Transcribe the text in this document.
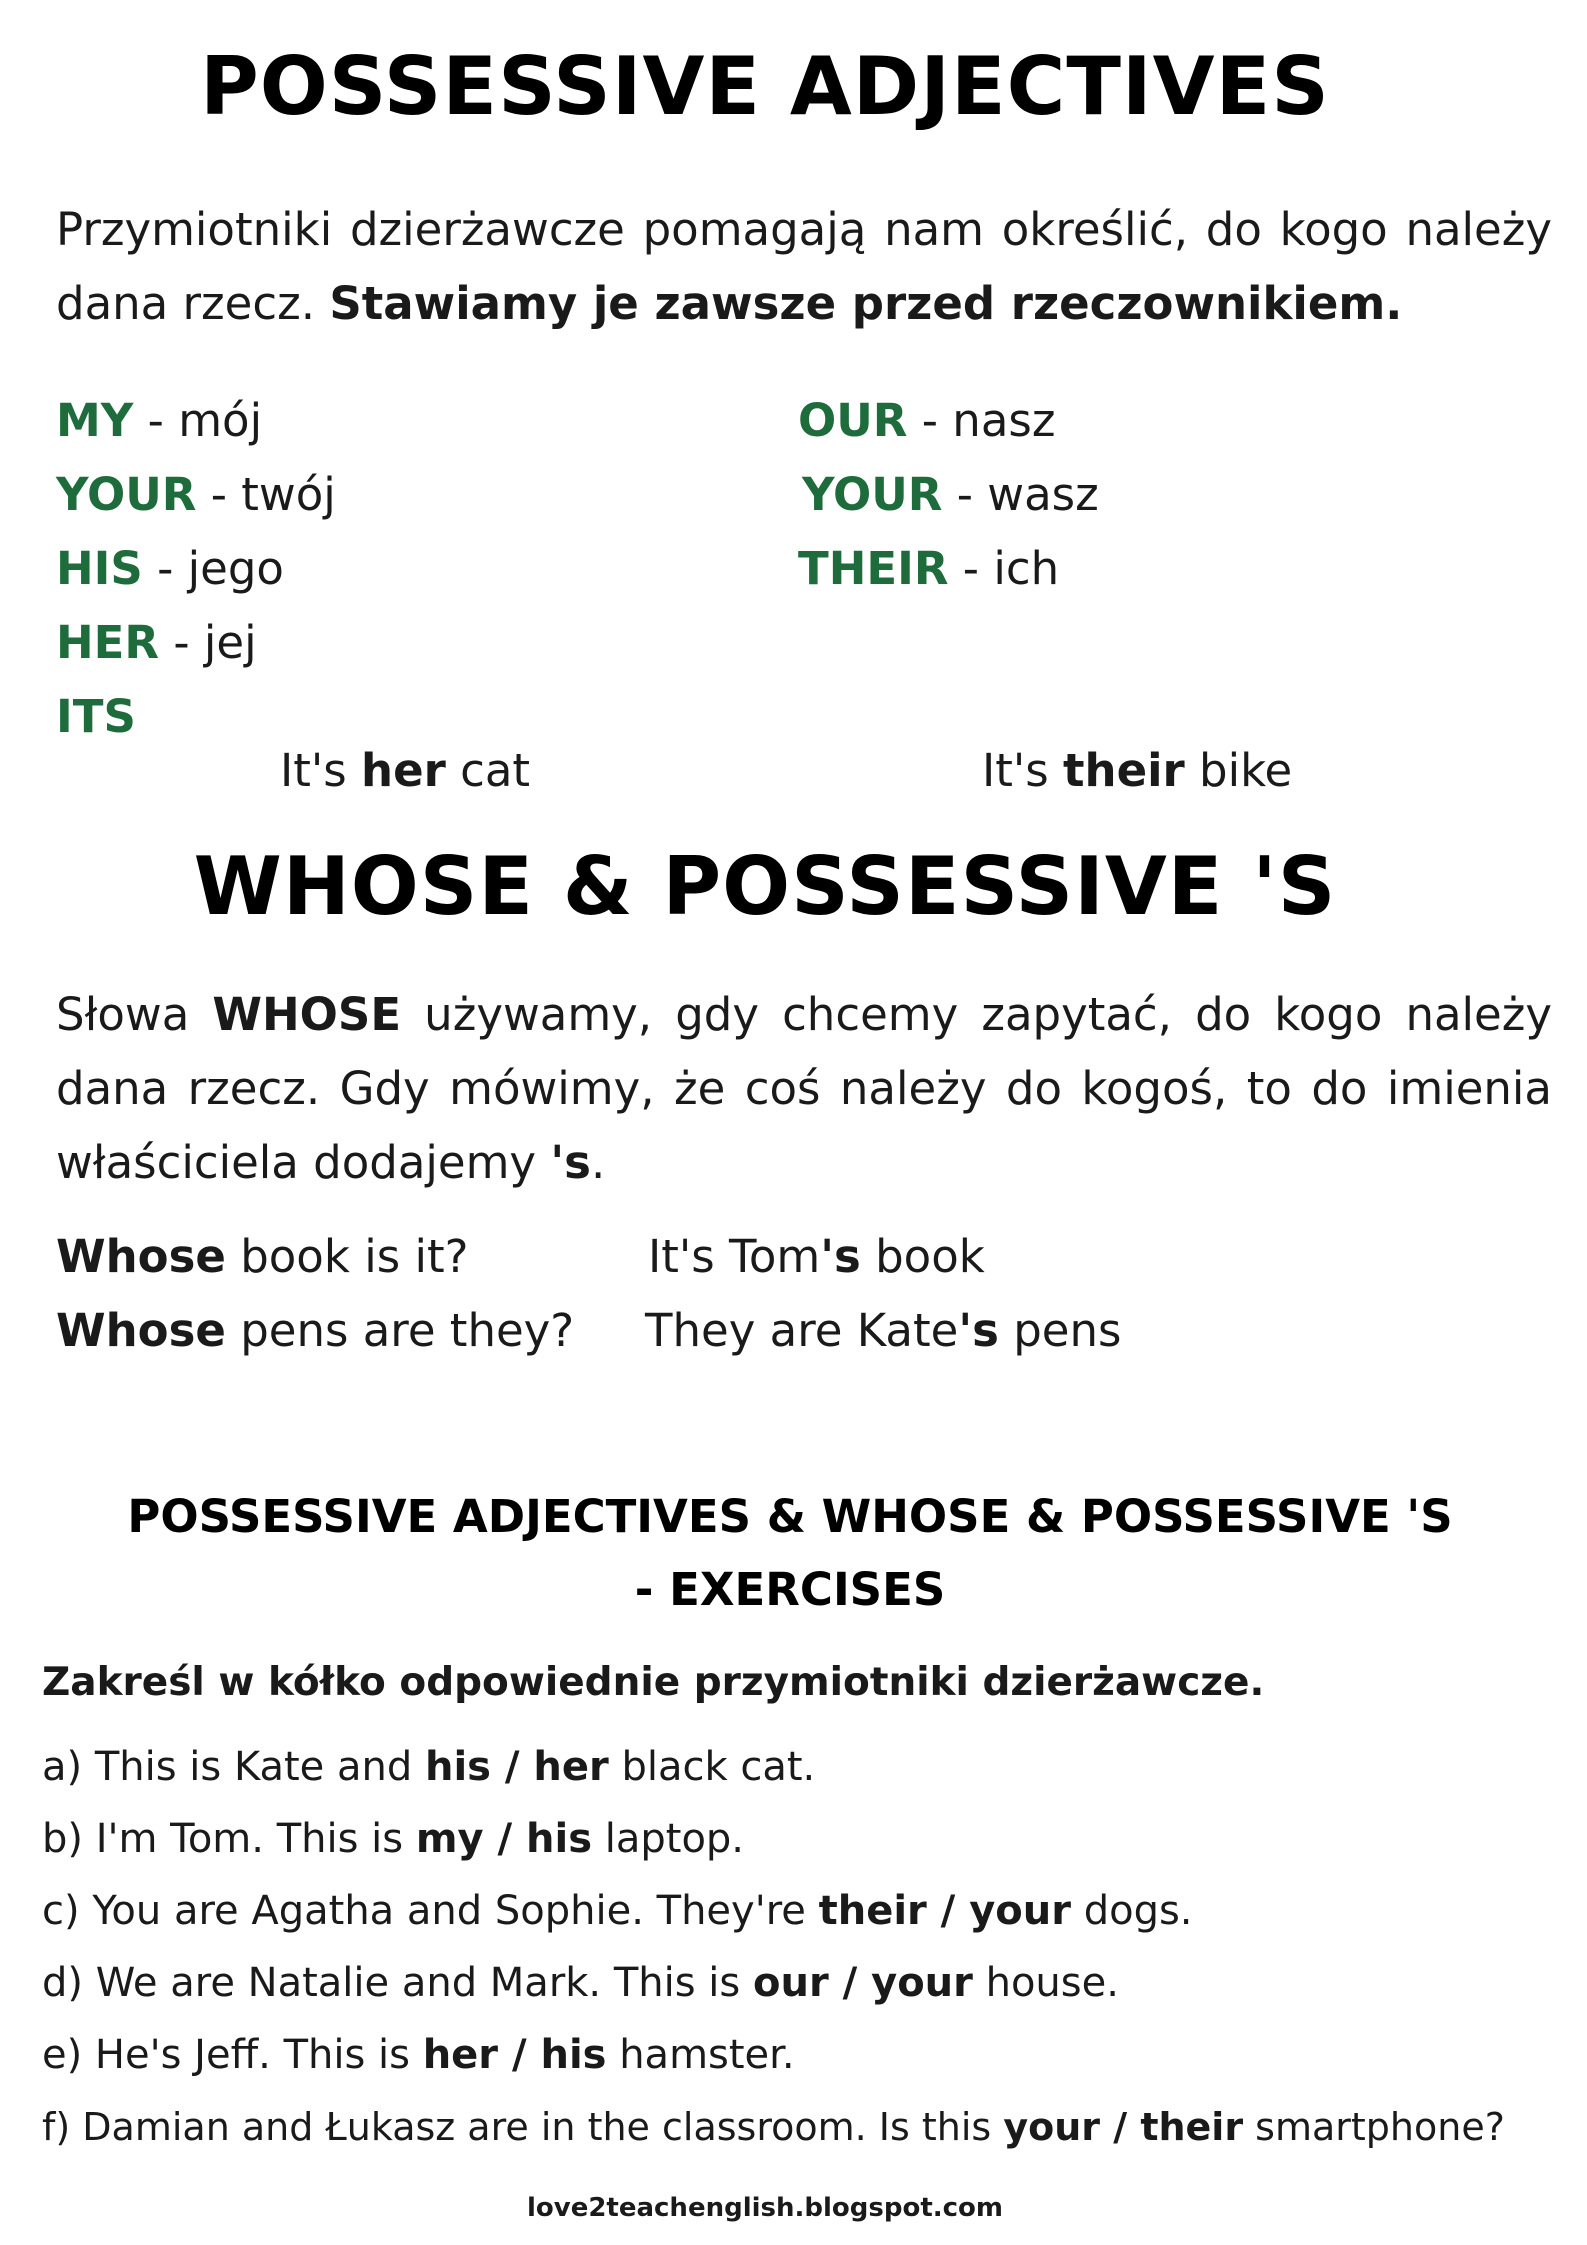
POSSESSIVE ADJECTIVES
Przymiotniki dzierżawcze pomagają nam określić, do kogo należy dana rzecz. Stawiamy je zawsze przed rzeczownikiem.
MY - mój
YOUR - twój
HIS - jego
HER - jej
ITS
OUR - nasz
YOUR - wasz
THEIR - ich
It's her cat	It's their bike
WHOSE & POSSESSIVE 'S
Słowa WHOSE używamy, gdy chcemy zapytać, do kogo należy dana rzecz. Gdy mówimy, że coś należy do kogoś, to do imienia właściciela dodajemy 's.
Whose book is it?	It's Tom's book
Whose pens are they? They are Kate's pens
POSSESSIVE ADJECTIVES & WHOSE & POSSESSIVE 'S
- EXERCISES
Zakreśl w kółko odpowiednie przymiotniki dzierżawcze.
a) This is Kate and his / her black cat.
b) I'm Tom. This is my / his laptop.
c) You are Agatha and Sophie. They're their / your dogs.
d) We are Natalie and Mark. This is our / your house.
e) He's Jeff. This is her / his hamster.
f) Damian and Łukasz are in the classroom. Is this your / their smartphone?
love2teachenglish.blogspot.com
